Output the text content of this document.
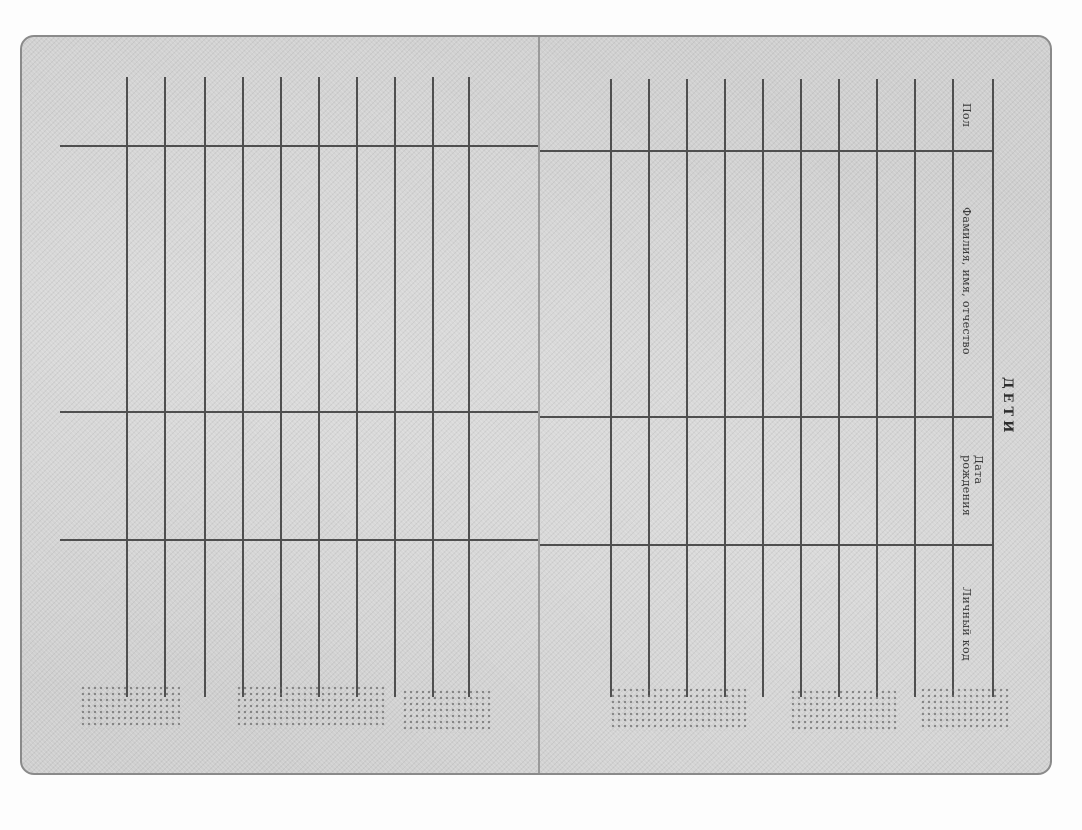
Пол
Фамилия, имя, отчество
Дата рождения
Личный код
ДЕТИ
